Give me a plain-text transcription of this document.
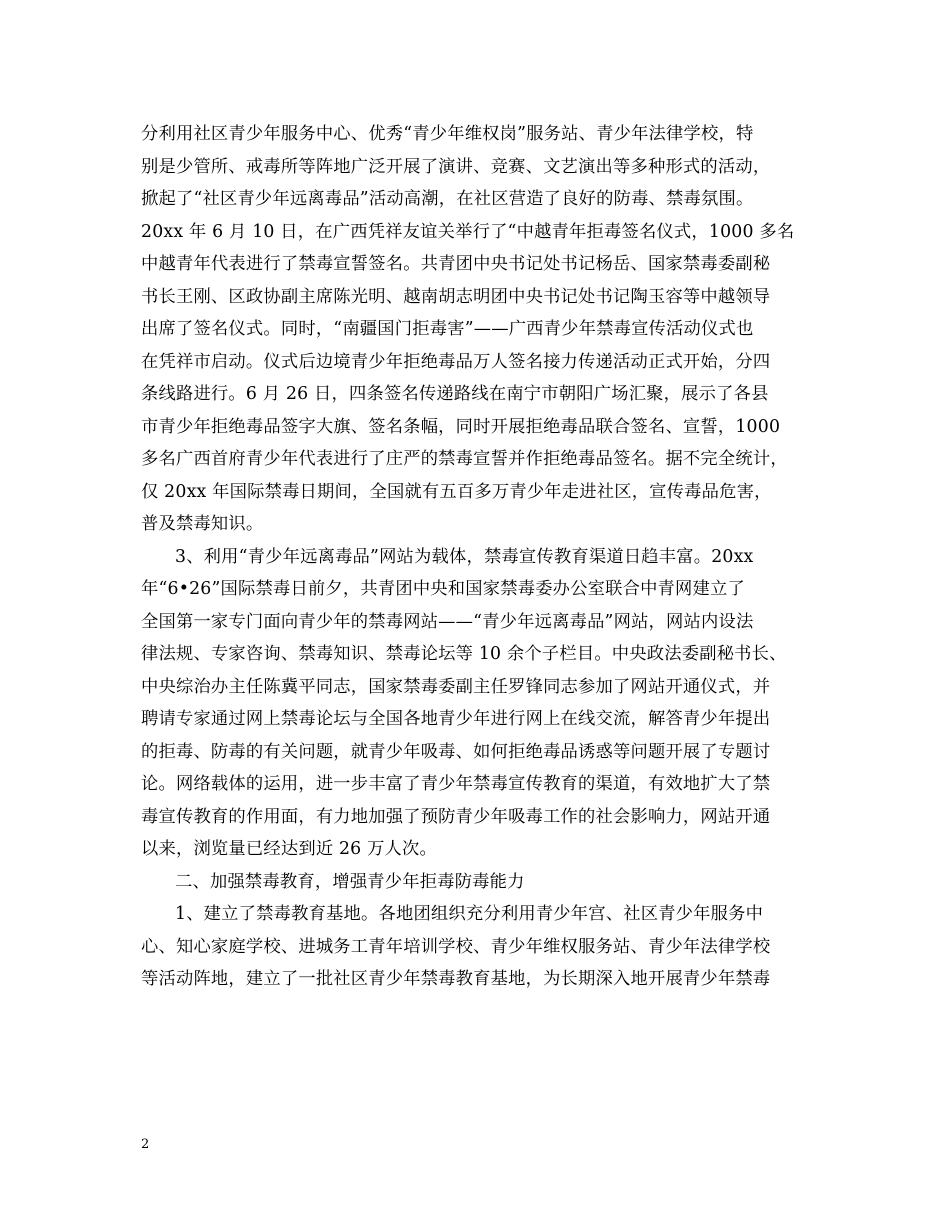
分利用社区青少年服务中心、优秀“青少年维权岗”服务站、青少年法律学校，特
别是少管所、戒毒所等阵地广泛开展了演讲、竞赛、文艺演出等多种形式的活动，
掀起了“社区青少年远离毒品”活动高潮，在社区营造了良好的防毒、禁毒氛围。
20xx 年 6 月 10 日，在广西凭祥友谊关举行了“中越青年拒毒签名仪式，1000 多名
中越青年代表进行了禁毒宣誓签名。共青团中央书记处书记杨岳、国家禁毒委副秘
书长王刚、区政协副主席陈光明、越南胡志明团中央书记处书记陶玉容等中越领导
出席了签名仪式。同时，“南疆国门拒毒害”——广西青少年禁毒宣传活动仪式也
在凭祥市启动。仪式后边境青少年拒绝毒品万人签名接力传递活动正式开始，分四
条线路进行。6 月 26 日，四条签名传递路线在南宁市朝阳广场汇聚，展示了各县
市青少年拒绝毒品签字大旗、签名条幅，同时开展拒绝毒品联合签名、宣誓，1000
多名广西首府青少年代表进行了庄严的禁毒宣誓并作拒绝毒品签名。据不完全统计，
仅 20xx 年国际禁毒日期间，全国就有五百多万青少年走进社区，宣传毒品危害，
普及禁毒知识。
3、利用“青少年远离毒品”网站为载体，禁毒宣传教育渠道日趋丰富。20xx
年“6•26”国际禁毒日前夕，共青团中央和国家禁毒委办公室联合中青网建立了
全国第一家专门面向青少年的禁毒网站——“青少年远离毒品”网站，网站内设法
律法规、专家咨询、禁毒知识、禁毒论坛等 10 余个子栏目。中央政法委副秘书长、
中央综治办主任陈冀平同志，国家禁毒委副主任罗锋同志参加了网站开通仪式，并
聘请专家通过网上禁毒论坛与全国各地青少年进行网上在线交流，解答青少年提出
的拒毒、防毒的有关问题，就青少年吸毒、如何拒绝毒品诱惑等问题开展了专题讨
论。网络载体的运用，进一步丰富了青少年禁毒宣传教育的渠道，有效地扩大了禁
毒宣传教育的作用面，有力地加强了预防青少年吸毒工作的社会影响力，网站开通
以来，浏览量已经达到近 26 万人次。
二、加强禁毒教育，增强青少年拒毒防毒能力
1、建立了禁毒教育基地。各地团组织充分利用青少年宫、社区青少年服务中
心、知心家庭学校、进城务工青年培训学校、青少年维权服务站、青少年法律学校
等活动阵地，建立了一批社区青少年禁毒教育基地，为长期深入地开展青少年禁毒
2
